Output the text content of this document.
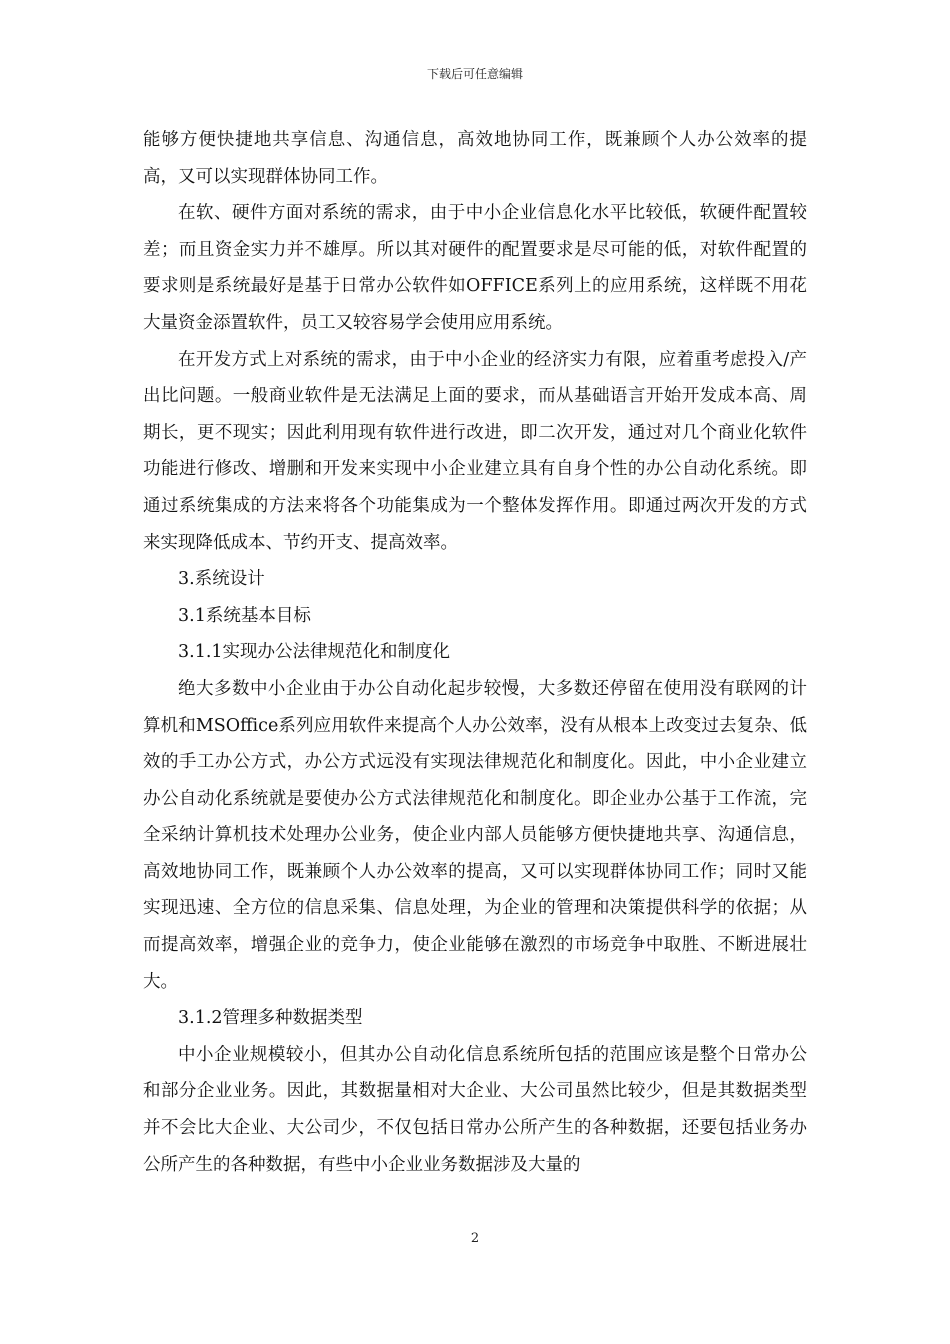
下载后可任意编辑

能够方便快捷地共享信息、沟通信息，高效地协同工作，既兼顾个人办公效率的提高，又可以实现群体协同工作。

在软、硬件方面对系统的需求，由于中小企业信息化水平比较低，软硬件配置较差；而且资金实力并不雄厚。所以其对硬件的配置要求是尽可能的低，对软件配置的要求则是系统最好是基于日常办公软件如OFFICE系列上的应用系统，这样既不用花大量资金添置软件，员工又较容易学会使用应用系统。

在开发方式上对系统的需求，由于中小企业的经济实力有限，应着重考虑投入/产出比问题。一般商业软件是无法满足上面的要求，而从基础语言开始开发成本高、周期长，更不现实；因此利用现有软件进行改进，即二次开发，通过对几个商业化软件功能进行修改、增删和开发来实现中小企业建立具有自身个性的办公自动化系统。即通过系统集成的方法来将各个功能集成为一个整体发挥作用。即通过两次开发的方式来实现降低成本、节约开支、提高效率。

3.系统设计

3.1系统基本目标

3.1.1实现办公法律规范化和制度化

绝大多数中小企业由于办公自动化起步较慢，大多数还停留在使用没有联网的计算机和MSOffice系列应用软件来提高个人办公效率，没有从根本上改变过去复杂、低效的手工办公方式，办公方式远没有实现法律规范化和制度化。因此，中小企业建立办公自动化系统就是要使办公方式法律规范化和制度化。即企业办公基于工作流，完全采纳计算机技术处理办公业务，使企业内部人员能够方便快捷地共享、沟通信息，高效地协同工作，既兼顾个人办公效率的提高，又可以实现群体协同工作；同时又能实现迅速、全方位的信息采集、信息处理，为企业的管理和决策提供科学的依据；从而提高效率，增强企业的竞争力，使企业能够在激烈的市场竞争中取胜、不断进展壮大。

3.1.2管理多种数据类型

中小企业规模较小，但其办公自动化信息系统所包括的范围应该是整个日常办公和部分企业业务。因此，其数据量相对大企业、大公司虽然比较少，但是其数据类型并不会比大企业、大公司少，不仅包括日常办公所产生的各种数据，还要包括业务办公所产生的各种数据，有些中小企业业务数据涉及大量的

2
